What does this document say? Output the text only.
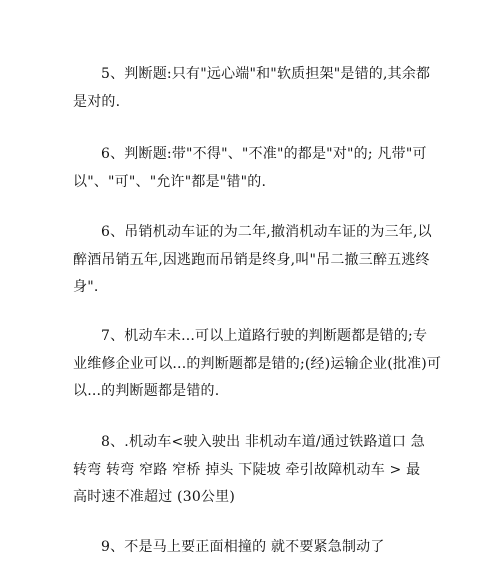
5、判断题:只有"远心端"和"软质担架"是错的,其余都
是对的.
6、判断题:带"不得"、"不准"的都是"对"的; 凡带"可
以"、"可"、"允许"都是"错"的.
6、吊销机动车证的为二年,撤消机动车证的为三年,以
醉酒吊销五年,因逃跑而吊销是终身,叫"吊二撤三醉五逃终
身".
7、机动车未...可以上道路行驶的判断题都是错的;专
业维修企业可以...的判断题都是错的;(经)运输企业(批准)可
以...的判断题都是错的.
8、.机动车<驶入驶出 非机动车道/通过铁路道口 急
转弯 转弯 窄路 窄桥 掉头 下陡坡 牵引故障机动车 > 最
高时速不准超过 (30公里)
9、不是马上要正面相撞的 就不要紧急制动了
